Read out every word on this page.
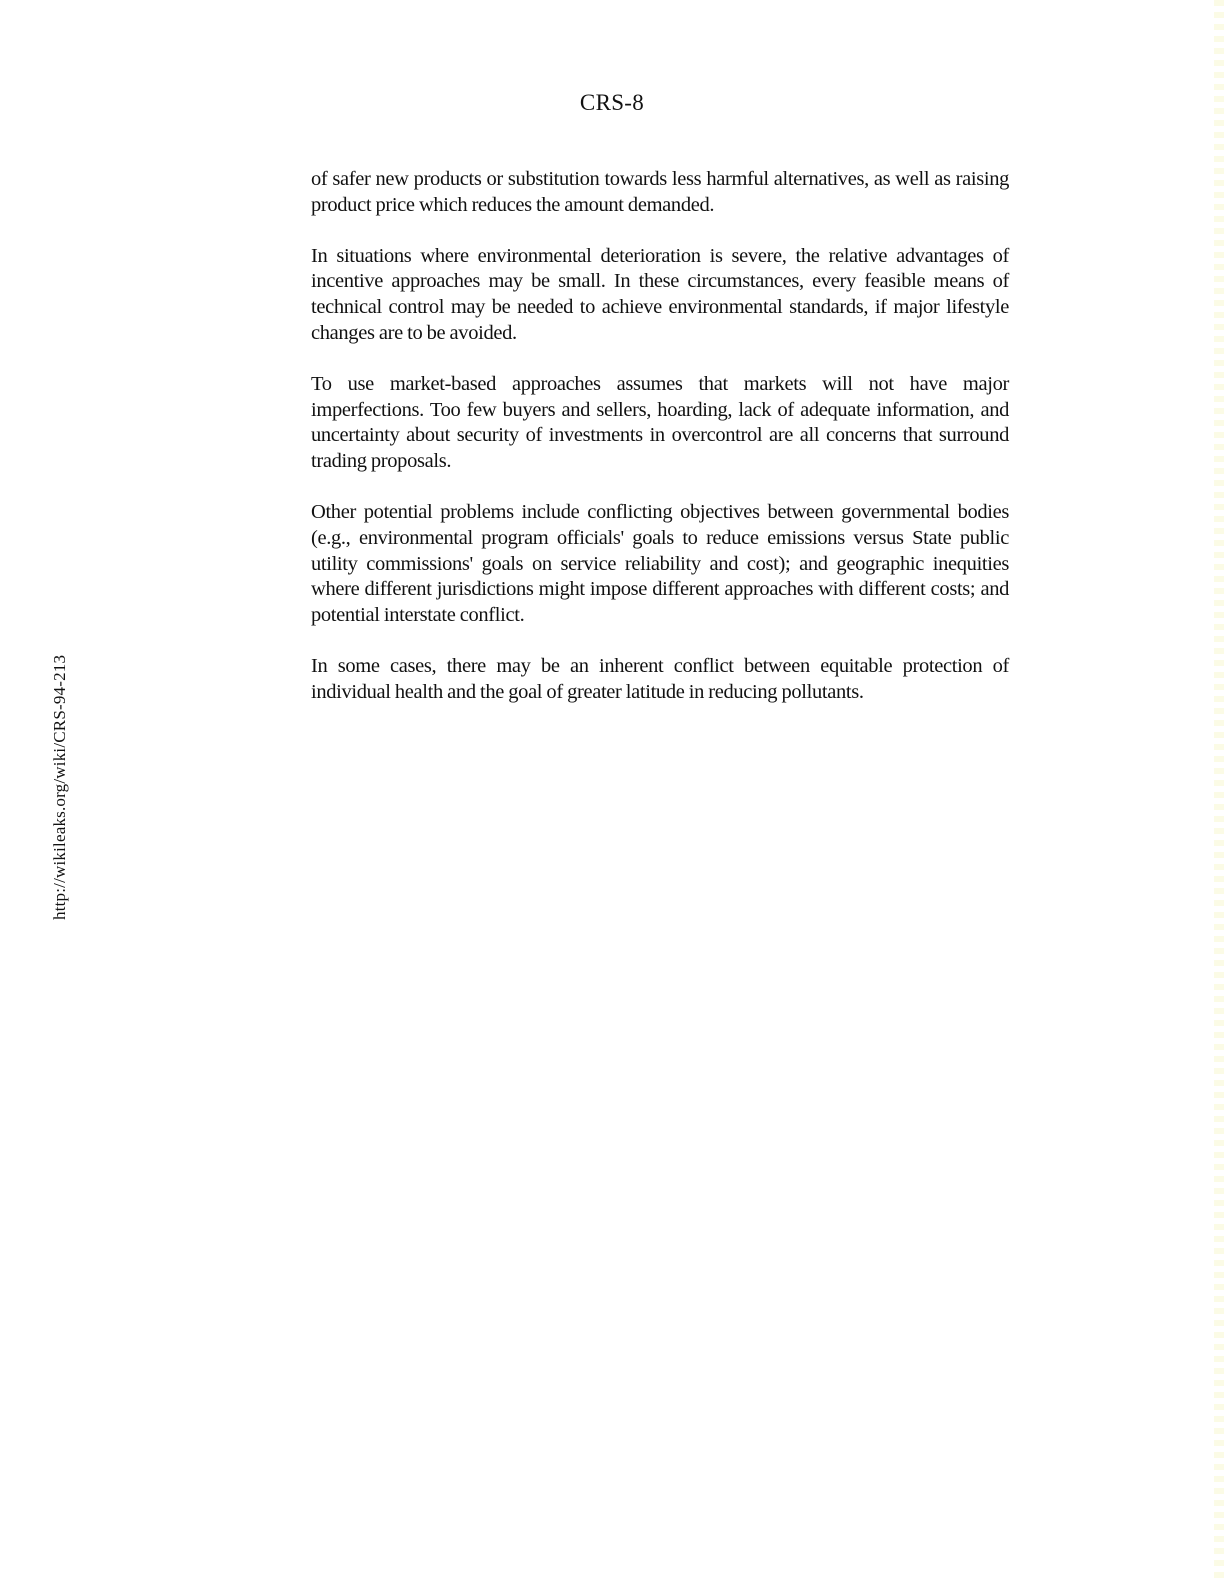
CRS-8
http://wikileaks.org/wiki/CRS-94-213

of safer new products or substitution towards less harmful alternatives, as well as raising product price which reduces the amount demanded.

In situations where environmental deterioration is severe, the relative advantages of incentive approaches may be small. In these circumstances, every feasible means of technical control may be needed to achieve environmental standards, if major lifestyle changes are to be avoided.

To use market-based approaches assumes that markets will not have major imperfections. Too few buyers and sellers, hoarding, lack of adequate information, and uncertainty about security of investments in overcontrol are all concerns that surround trading proposals.

Other potential problems include conflicting objectives between governmental bodies (e.g., environmental program officials' goals to reduce emissions versus State public utility commissions' goals on service reliability and cost); and geographic inequities where different jurisdictions might impose different approaches with different costs; and potential interstate conflict.

In some cases, there may be an inherent conflict between equitable protection of individual health and the goal of greater latitude in reducing pollutants.
